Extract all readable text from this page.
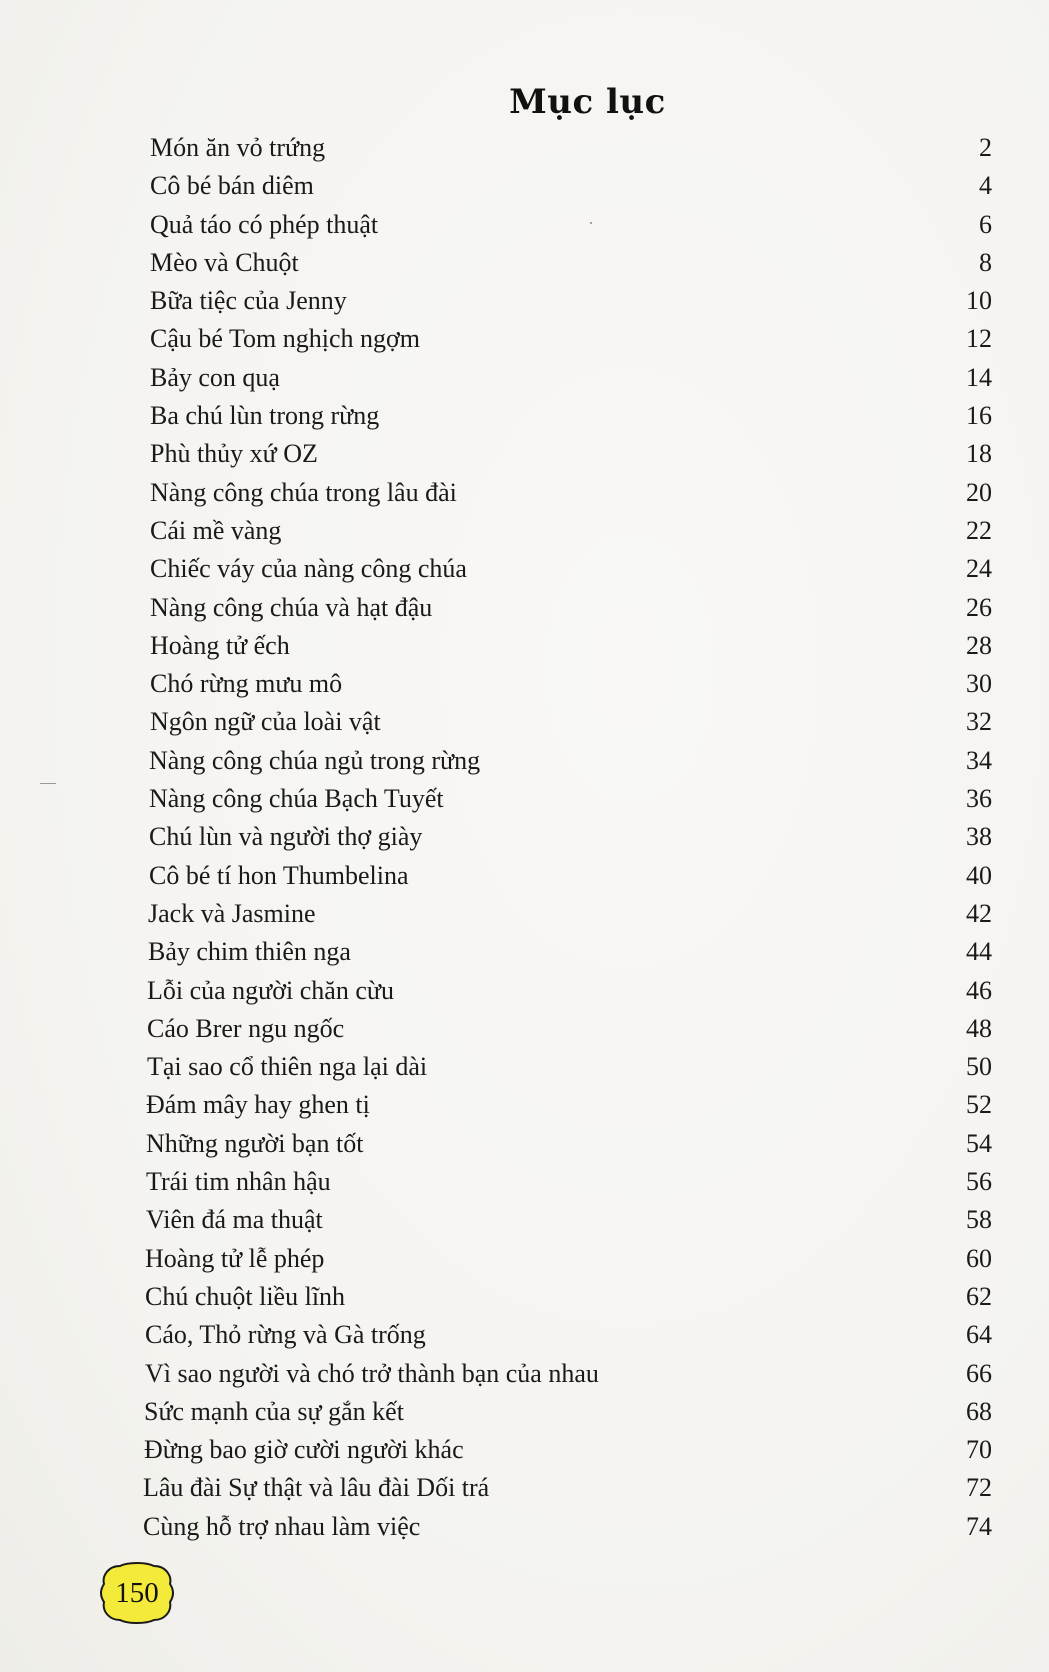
Mục lục
Món ăn vỏ trứng	2
Cô bé bán diêm	4
Quả táo có phép thuật	6
Mèo và Chuột	8
Bữa tiệc của Jenny	10
Cậu bé Tom nghịch ngợm	12
Bảy con quạ	14
Ba chú lùn trong rừng	16
Phù thủy xứ OZ	18
Nàng công chúa trong lâu đài	20
Cái mề vàng	22
Chiếc váy của nàng công chúa	24
Nàng công chúa và hạt đậu	26
Hoàng tử ếch	28
Chó rừng mưu mô	30
Ngôn ngữ của loài vật	32
Nàng công chúa ngủ trong rừng	34
Nàng công chúa Bạch Tuyết	36
Chú lùn và người thợ giày	38
Cô bé tí hon Thumbelina	40
Jack và Jasmine	42
Bảy chim thiên nga	44
Lỗi của người chăn cừu	46
Cáo Brer ngu ngốc	48
Tại sao cổ thiên nga lại dài	50
Đám mây hay ghen tị	52
Những người bạn tốt	54
Trái tim nhân hậu	56
Viên đá ma thuật	58
Hoàng tử lễ phép	60
Chú chuột liều lĩnh	62
Cáo, Thỏ rừng và Gà trống	64
Vì sao người và chó trở thành bạn của nhau	66
Sức mạnh của sự gắn kết	68
Đừng bao giờ cười người khác	70
Lâu đài Sự thật và lâu đài Dối trá	72
Cùng hỗ trợ nhau làm việc	74
150
